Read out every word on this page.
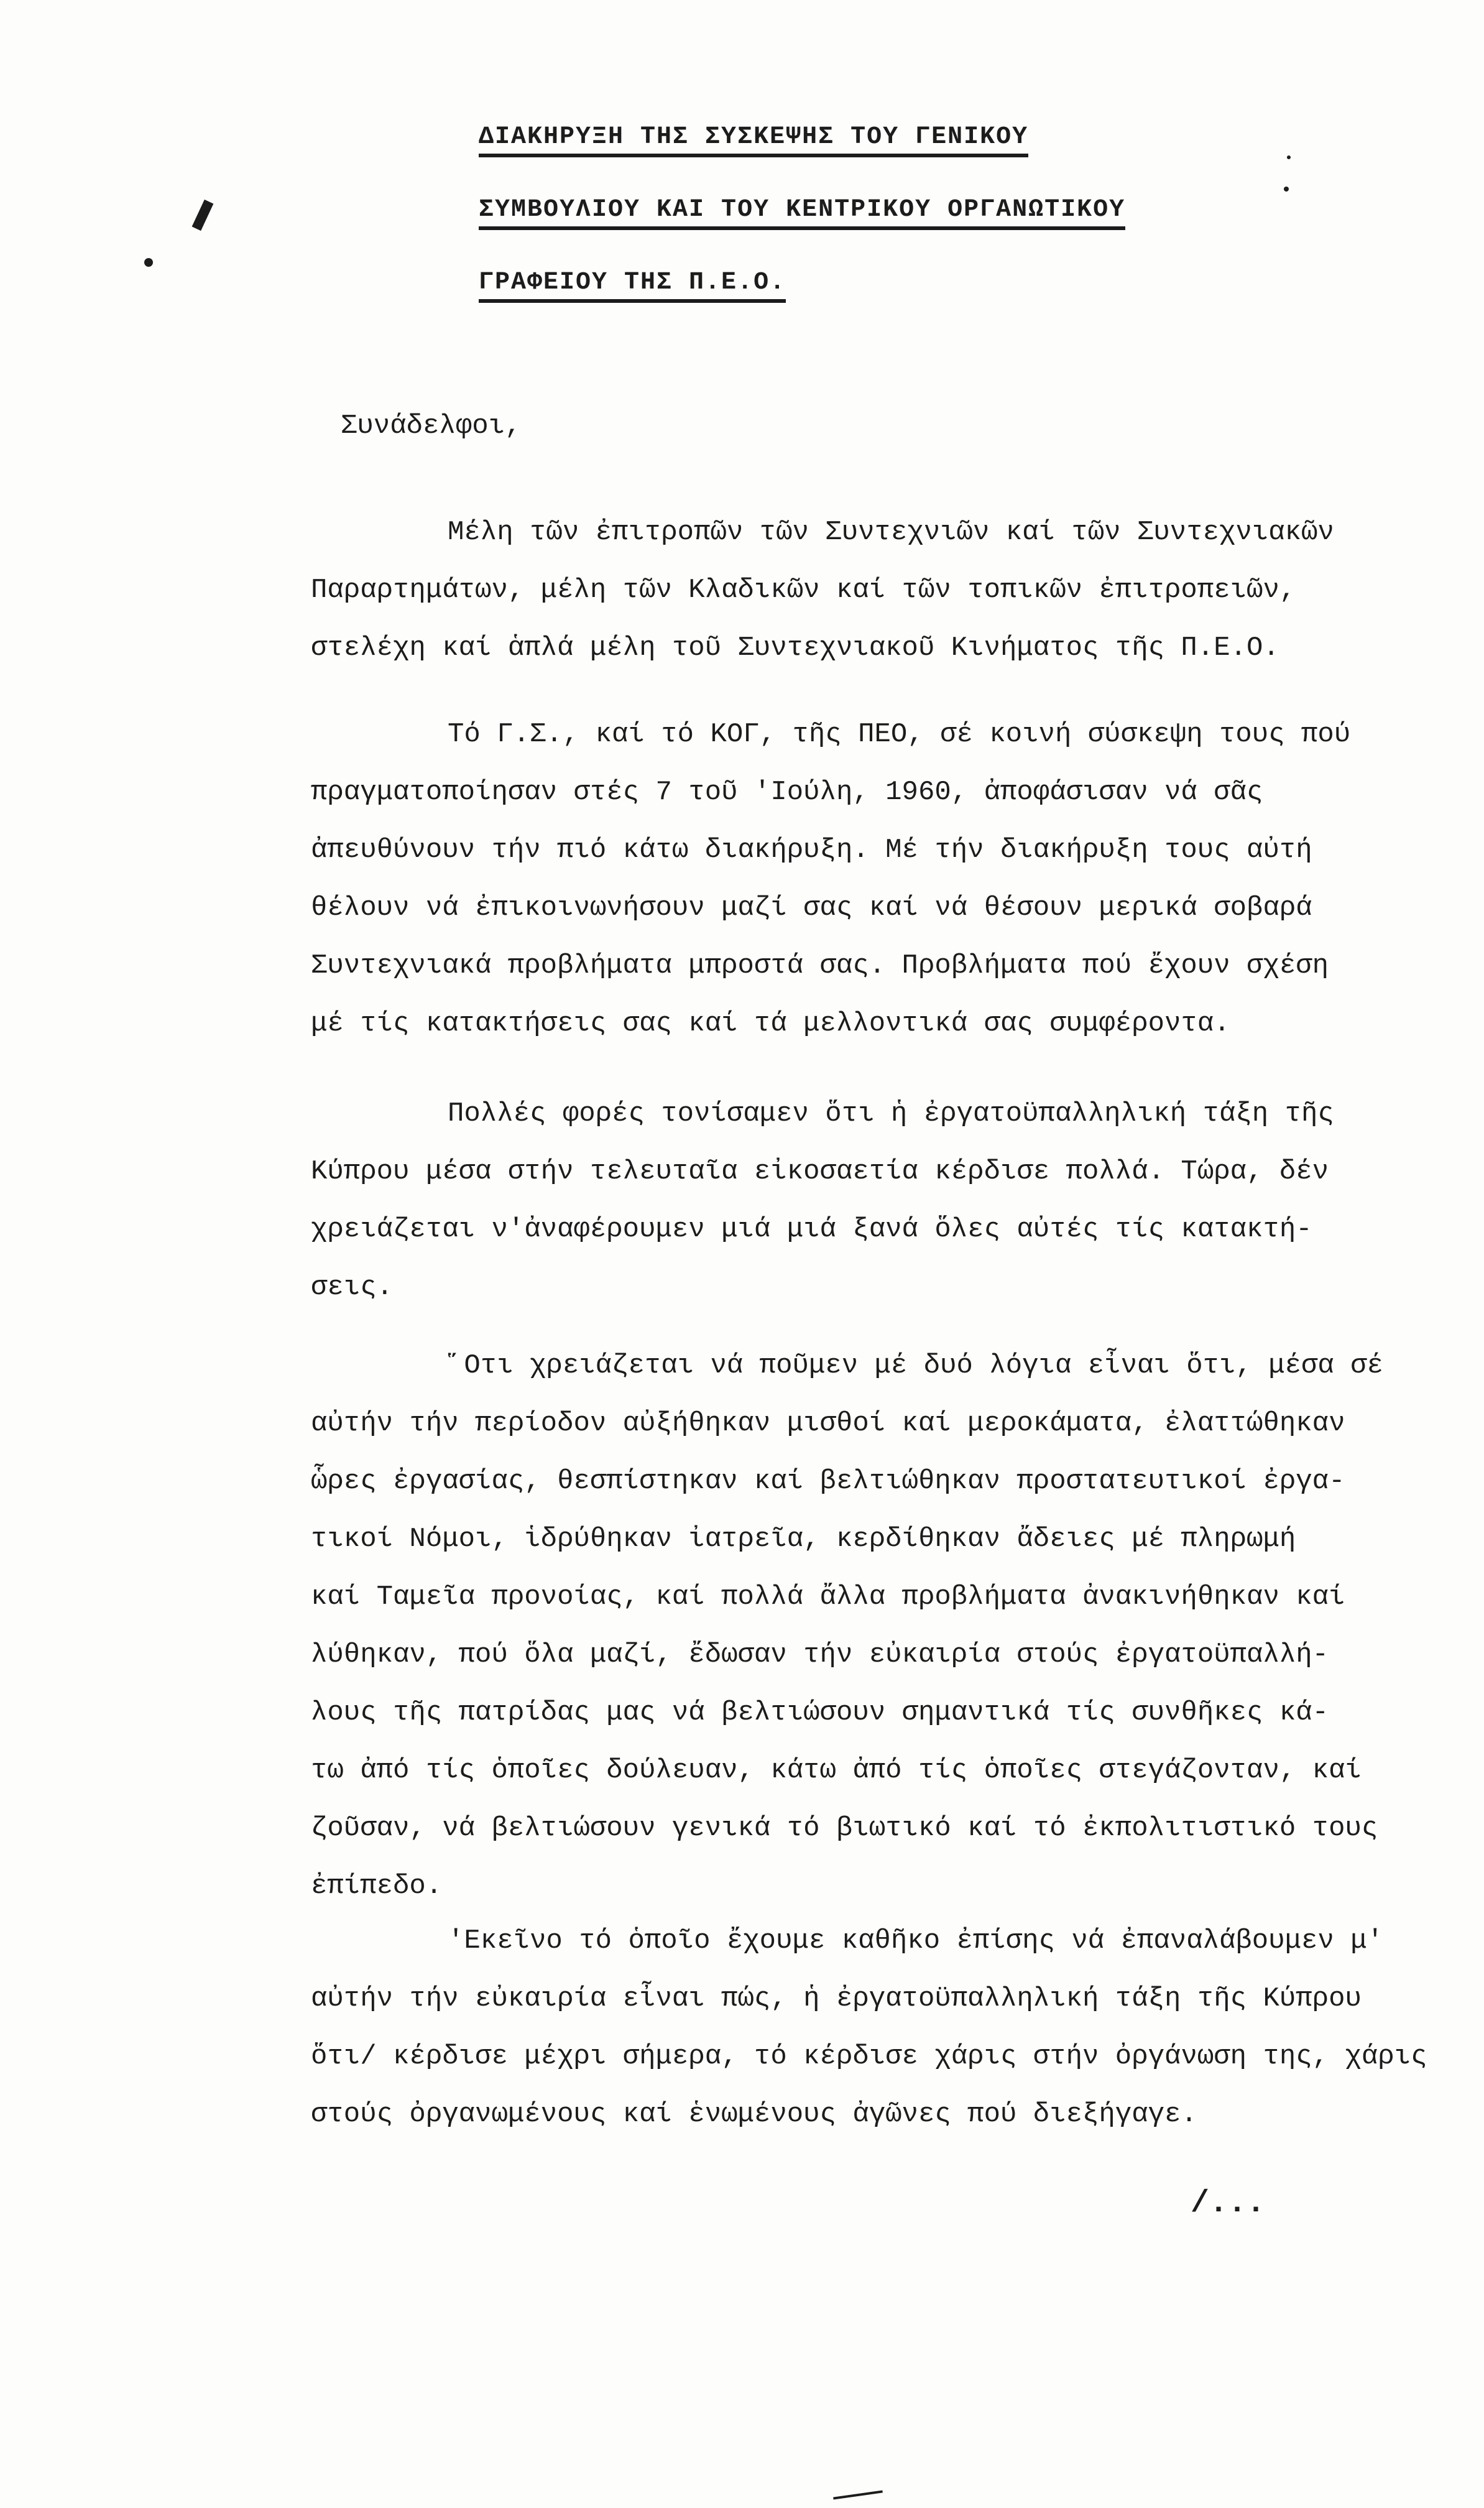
ΔΙΑΚΗΡΥΞΗ ΤΗΣ ΣΥΣΚΕΨΗΣ ΤΟΥ ΓΕΝΙΚΟΥ
ΣΥΜΒΟΥΛΙΟΥ ΚΑΙ ΤΟΥ ΚΕΝΤΡΙΚΟΥ ΟΡΓΑΝΩΤΙΚΟΥ
ΓΡΑΦΕΙΟΥ ΤΗΣ Π.Ε.Ο.
Συνάδελφοι,
Μέλη τῶν ἐπιτροπῶν τῶν Συντεχνιῶν καί τῶν Συντεχνιακῶν
Παραρτημάτων, μέλη τῶν Κλαδικῶν καί τῶν τοπικῶν ἐπιτροπειῶν,
στελέχη καί ἁπλά μέλη τοῦ Συντεχνιακοῦ Κινήματος τῆς Π.Ε.Ο.
Τό Γ.Σ., καί τό ΚΟΓ, τῆς ΠΕΟ, σέ κοινή σύσκεψη τους πού
πραγματοποίησαν στές 7 τοῦ 'Ιούλη, 1960, ἀποφάσισαν νά σᾶς
ἀπευθύνουν τήν πιό κάτω διακήρυξη. Μέ τήν διακήρυξη τους αὐτή
θέλουν νά ἐπικοινωνήσουν μαζί σας καί νά θέσουν μερικά σοβαρά
Συντεχνιακά προβλήματα μπροστά σας. Προβλήματα πού ἔχουν σχέση
μέ τίς κατακτήσεις σας καί τά μελλοντικά σας συμφέροντα.
Πολλές φορές τονίσαμεν ὅτι ἡ ἐργατοϋπαλληλική τάξη τῆς
Κύπρου μέσα στήν τελευταῖα εἰκοσαετία κέρδισε πολλά. Τώρα, δέν
χρειάζεται ν'ἀναφέρουμεν μιά μιά ξανά ὅλες αὐτές τίς κατακτή-
σεις.
῞Οτι χρειάζεται νά ποῦμεν μέ δυό λόγια εἶναι ὅτι, μέσα σέ
αὐτήν τήν περίοδον αὐξήθηκαν μισθοί καί μεροκάματα, ἐλαττώθηκαν
ὧρες ἐργασίας, θεσπίστηκαν καί βελτιώθηκαν προστατευτικοί ἐργα-
τικοί Νόμοι, ἱδρύθηκαν ἰατρεῖα, κερδίθηκαν ἄδειες μέ πληρωμή
καί Ταμεῖα προνοίας, καί πολλά ἄλλα προβλήματα ἀνακινήθηκαν καί
λύθηκαν, πού ὅλα μαζί, ἔδωσαν τήν εὐκαιρία στούς ἐργατοϋπαλλή-
λους τῆς πατρίδας μας νά βελτιώσουν σημαντικά τίς συνθῆκες κά-
τω ἀπό τίς ὁποῖες δούλευαν, κάτω ἀπό τίς ὁποῖες στεγάζονταν, καί
ζοῦσαν, νά βελτιώσουν γενικά τό βιωτικό καί τό ἐκπολιτιστικό τους
ἐπίπεδο.
'Εκεῖνο τό ὁποῖο ἔχουμε καθῆκο ἐπίσης νά ἐπαναλάβουμεν μ'
αὐτήν τήν εὐκαιρία εἶναι πώς, ἡ ἐργατοϋπαλληλική τάξη τῆς Κύπρου
ὅτι/ κέρδισε μέχρι σήμερα, τό κέρδισε χάρις στήν ὀργάνωση της, χάρις
στούς ὀργανωμένους καί ἑνωμένους ἀγῶνες πού διεξήγαγε.
/...
